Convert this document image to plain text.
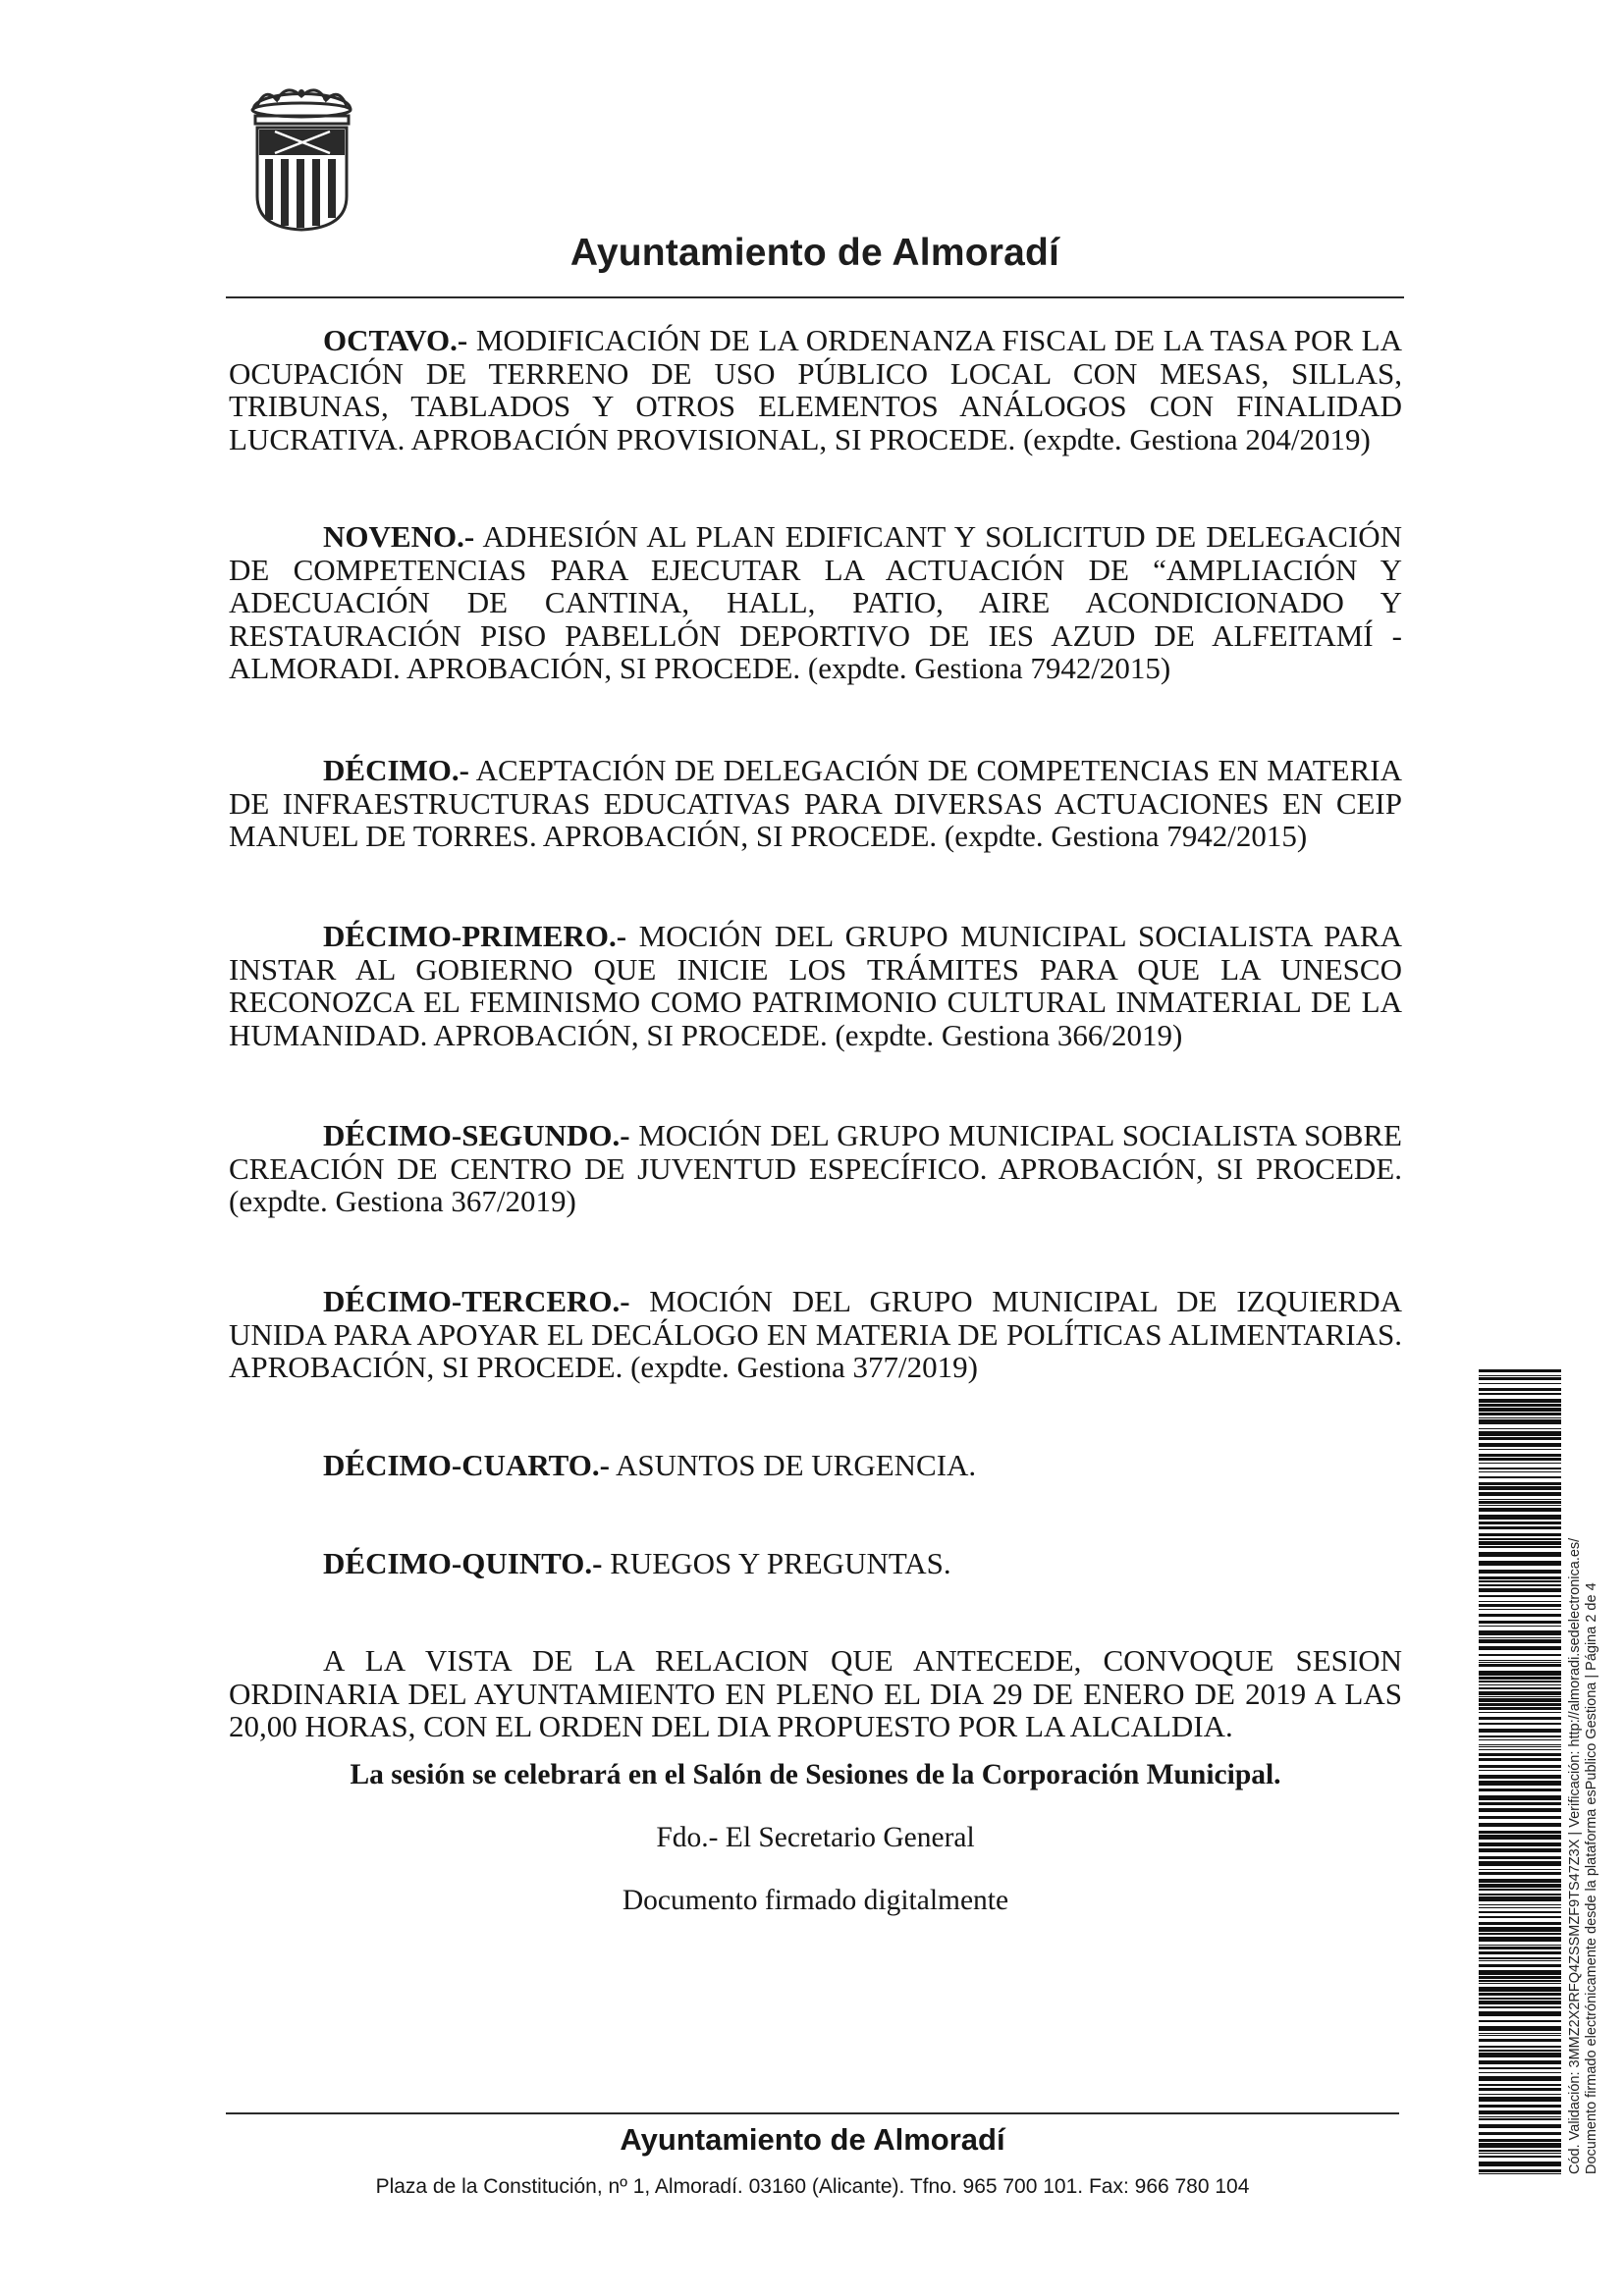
Ayuntamiento de Almoradí

OCTAVO.- MODIFICACIÓN DE LA ORDENANZA FISCAL DE LA TASA POR LA OCUPACIÓN DE TERRENO DE USO PÚBLICO LOCAL CON MESAS, SILLAS, TRIBUNAS, TABLADOS Y OTROS ELEMENTOS ANÁLOGOS CON FINALIDAD LUCRATIVA. APROBACIÓN PROVISIONAL, SI PROCEDE. (expdte. Gestiona 204/2019)

NOVENO.- ADHESIÓN AL PLAN EDIFICANT Y SOLICITUD DE DELEGACIÓN DE COMPETENCIAS PARA EJECUTAR LA ACTUACIÓN DE “AMPLIACIÓN Y ADECUACIÓN DE CANTINA, HALL, PATIO, AIRE ACONDICIONADO Y RESTAURACIÓN PISO PABELLÓN DEPORTIVO DE IES AZUD DE ALFEITAMÍ - ALMORADI. APROBACIÓN, SI PROCEDE. (expdte. Gestiona 7942/2015)

DÉCIMO.- ACEPTACIÓN DE DELEGACIÓN DE COMPETENCIAS EN MATERIA DE INFRAESTRUCTURAS EDUCATIVAS PARA DIVERSAS ACTUACIONES EN CEIP MANUEL DE TORRES. APROBACIÓN, SI PROCEDE. (expdte. Gestiona 7942/2015)

DÉCIMO-PRIMERO.- MOCIÓN DEL GRUPO MUNICIPAL SOCIALISTA PARA INSTAR AL GOBIERNO QUE INICIE LOS TRÁMITES PARA QUE LA UNESCO RECONOZCA EL FEMINISMO COMO PATRIMONIO CULTURAL INMATERIAL DE LA HUMANIDAD. APROBACIÓN, SI PROCEDE. (expdte. Gestiona 366/2019)

DÉCIMO-SEGUNDO.- MOCIÓN DEL GRUPO MUNICIPAL SOCIALISTA SOBRE CREACIÓN DE CENTRO DE JUVENTUD ESPECÍFICO. APROBACIÓN, SI PROCEDE. (expdte. Gestiona 367/2019)

DÉCIMO-TERCERO.- MOCIÓN DEL GRUPO MUNICIPAL DE IZQUIERDA UNIDA PARA APOYAR EL DECÁLOGO EN MATERIA DE POLÍTICAS ALIMENTARIAS. APROBACIÓN, SI PROCEDE. (expdte. Gestiona 377/2019)

DÉCIMO-CUARTO.- ASUNTOS DE URGENCIA.

DÉCIMO-QUINTO.- RUEGOS Y PREGUNTAS.

A LA VISTA DE LA RELACION QUE ANTECEDE, CONVOQUE SESION ORDINARIA DEL AYUNTAMIENTO EN PLENO EL DIA 29 DE ENERO DE 2019 A LAS 20,00 HORAS, CON EL ORDEN DEL DIA PROPUESTO POR LA ALCALDIA.

La sesión se celebrará en el Salón de Sesiones de la Corporación Municipal.

Fdo.- El Secretario General

Documento firmado digitalmente

Ayuntamiento de Almoradí
Plaza de la Constitución, nº 1, Almoradí. 03160 (Alicante). Tfno. 965 700 101. Fax: 966 780 104
Cód. Validación: 3MMZ2X2RFQ4ZSSMZF9TS47Z3X | Verificación: http://almoradi.sedelectronica.es/ Documento firmado electrónicamente desde la plataforma esPublico Gestiona | Página 2 de 4
